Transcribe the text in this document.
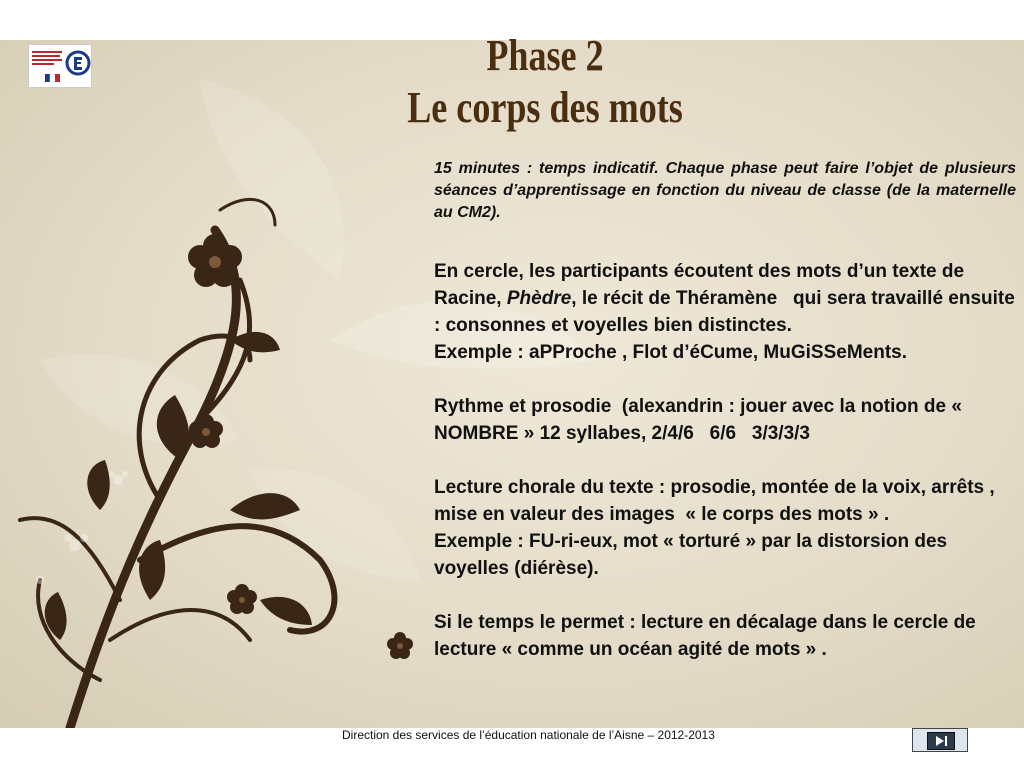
Phase 2
Le corps des mots
15 minutes : temps indicatif. Chaque phase peut faire l’objet de plusieurs séances d’apprentissage en fonction du niveau de classe (de la maternelle au CM2).

En cercle, les participants écoutent des mots d’un texte de Racine, Phèdre, le récit de Théramène   qui sera travaillé ensuite : consonnes et voyelles bien distinctes.

Exemple : aPProche , Flot d’éCume, MuGiSSeMents.

Rythme et prosodie  (alexandrin : jouer avec la notion de « NOMBRE » 12 syllabes, 2/4/6   6/6   3/3/3/3

Lecture chorale du texte : prosodie, montée de la voix, arrêts , mise en valeur des images  « le corps des mots » .

Exemple : FU-ri-eux, mot « torturé » par la distorsion des voyelles (diérèse).

Si le temps le permet : lecture en décalage dans le cercle de lecture « comme un océan agité de mots » .

Direction des services de l’éducation nationale de l’Aisne – 2012-2013
